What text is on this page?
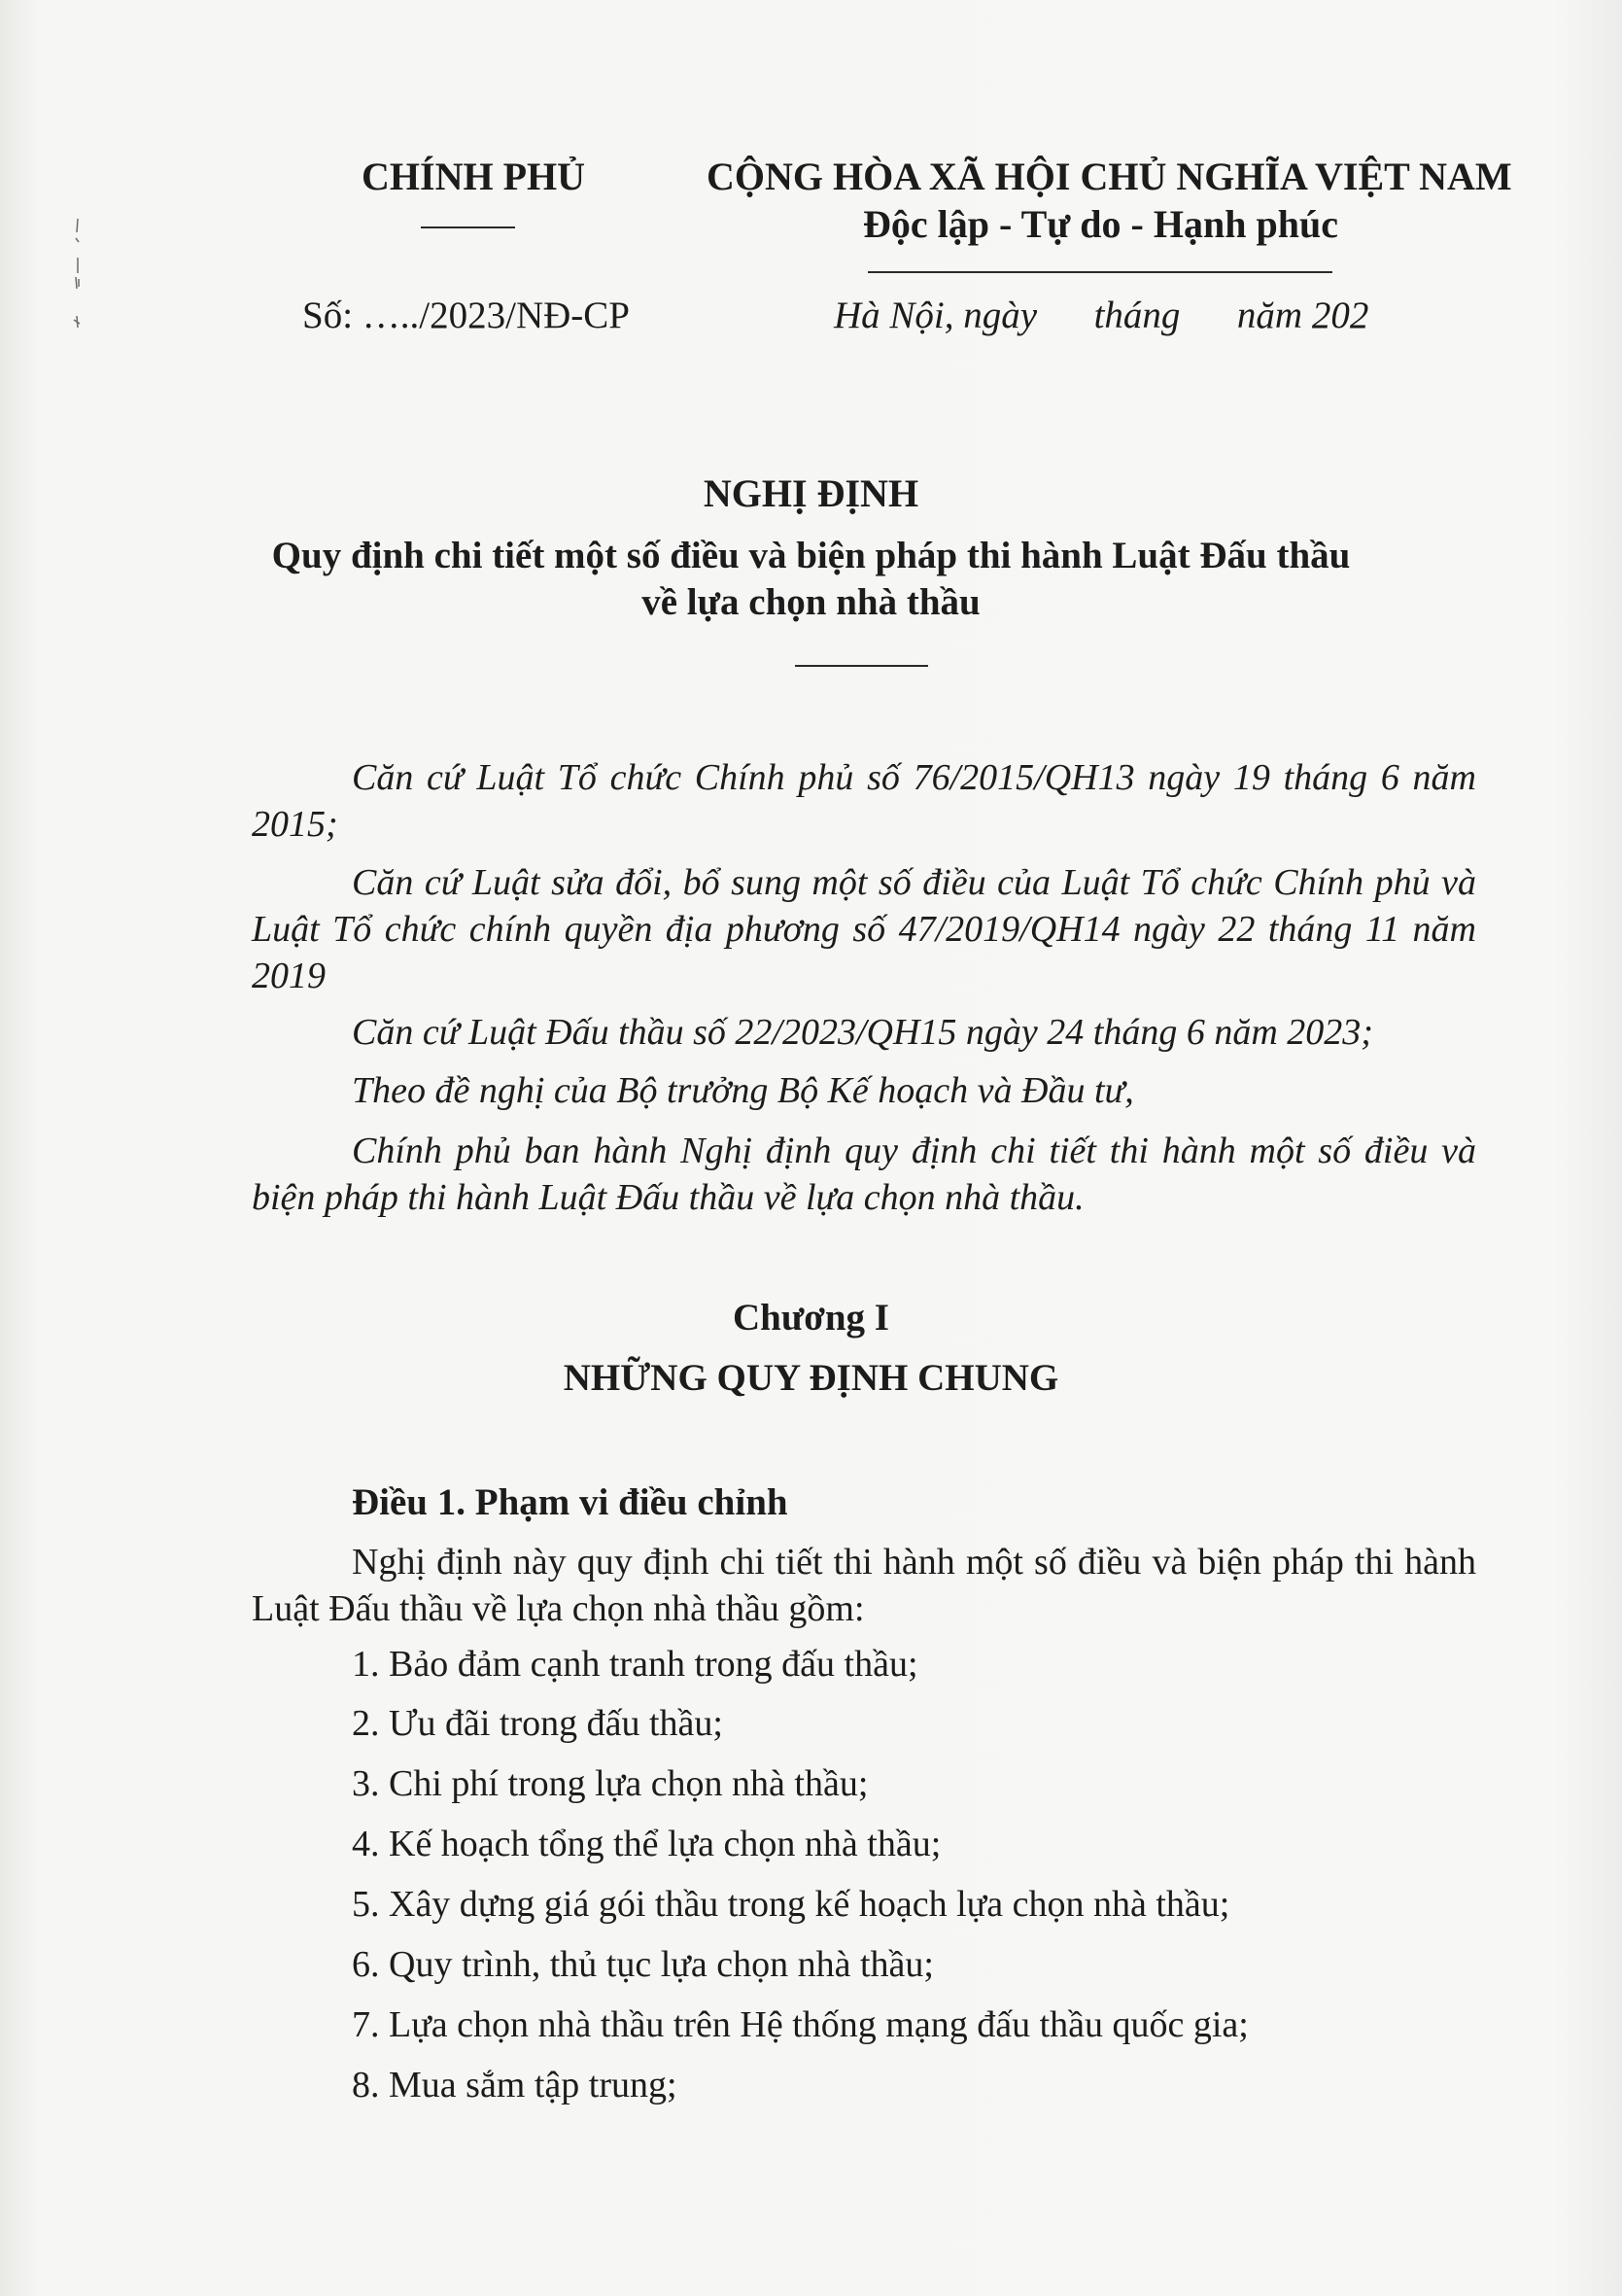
CHÍNH PHỦ	CỘNG HÒA XÃ HỘI CHỦ NGHĨA VIỆT NAM
Độc lập - Tự do - Hạnh phúc
Số: …../2023/NĐ-CP	Hà Nội, ngày      tháng      năm 202
NGHỊ ĐỊNH
Quy định chi tiết một số điều và biện pháp thi hành Luật Đấu thầu
về lựa chọn nhà thầu
Căn cứ Luật Tổ chức Chính phủ số 76/2015/QH13 ngày 19 tháng 6 năm 2015;
Căn cứ Luật sửa đổi, bổ sung một số điều của Luật Tổ chức Chính phủ và Luật Tổ chức chính quyền địa phương số 47/2019/QH14 ngày 22 tháng 11 năm 2019
Căn cứ Luật Đấu thầu số 22/2023/QH15 ngày 24 tháng 6 năm 2023;
Theo đề nghị của Bộ trưởng Bộ Kế hoạch và Đầu tư,
Chính phủ ban hành Nghị định quy định chi tiết thi hành một số điều và biện pháp thi hành Luật Đấu thầu về lựa chọn nhà thầu.
Chương I
NHỮNG QUY ĐỊNH CHUNG
Điều 1. Phạm vi điều chỉnh
Nghị định này quy định chi tiết thi hành một số điều và biện pháp thi hành Luật Đấu thầu về lựa chọn nhà thầu gồm:
1. Bảo đảm cạnh tranh trong đấu thầu;
2. Ưu đãi trong đấu thầu;
3. Chi phí trong lựa chọn nhà thầu;
4. Kế hoạch tổng thể lựa chọn nhà thầu;
5. Xây dựng giá gói thầu trong kế hoạch lựa chọn nhà thầu;
6. Quy trình, thủ tục lựa chọn nhà thầu;
7. Lựa chọn nhà thầu trên Hệ thống mạng đấu thầu quốc gia;
8. Mua sắm tập trung;
